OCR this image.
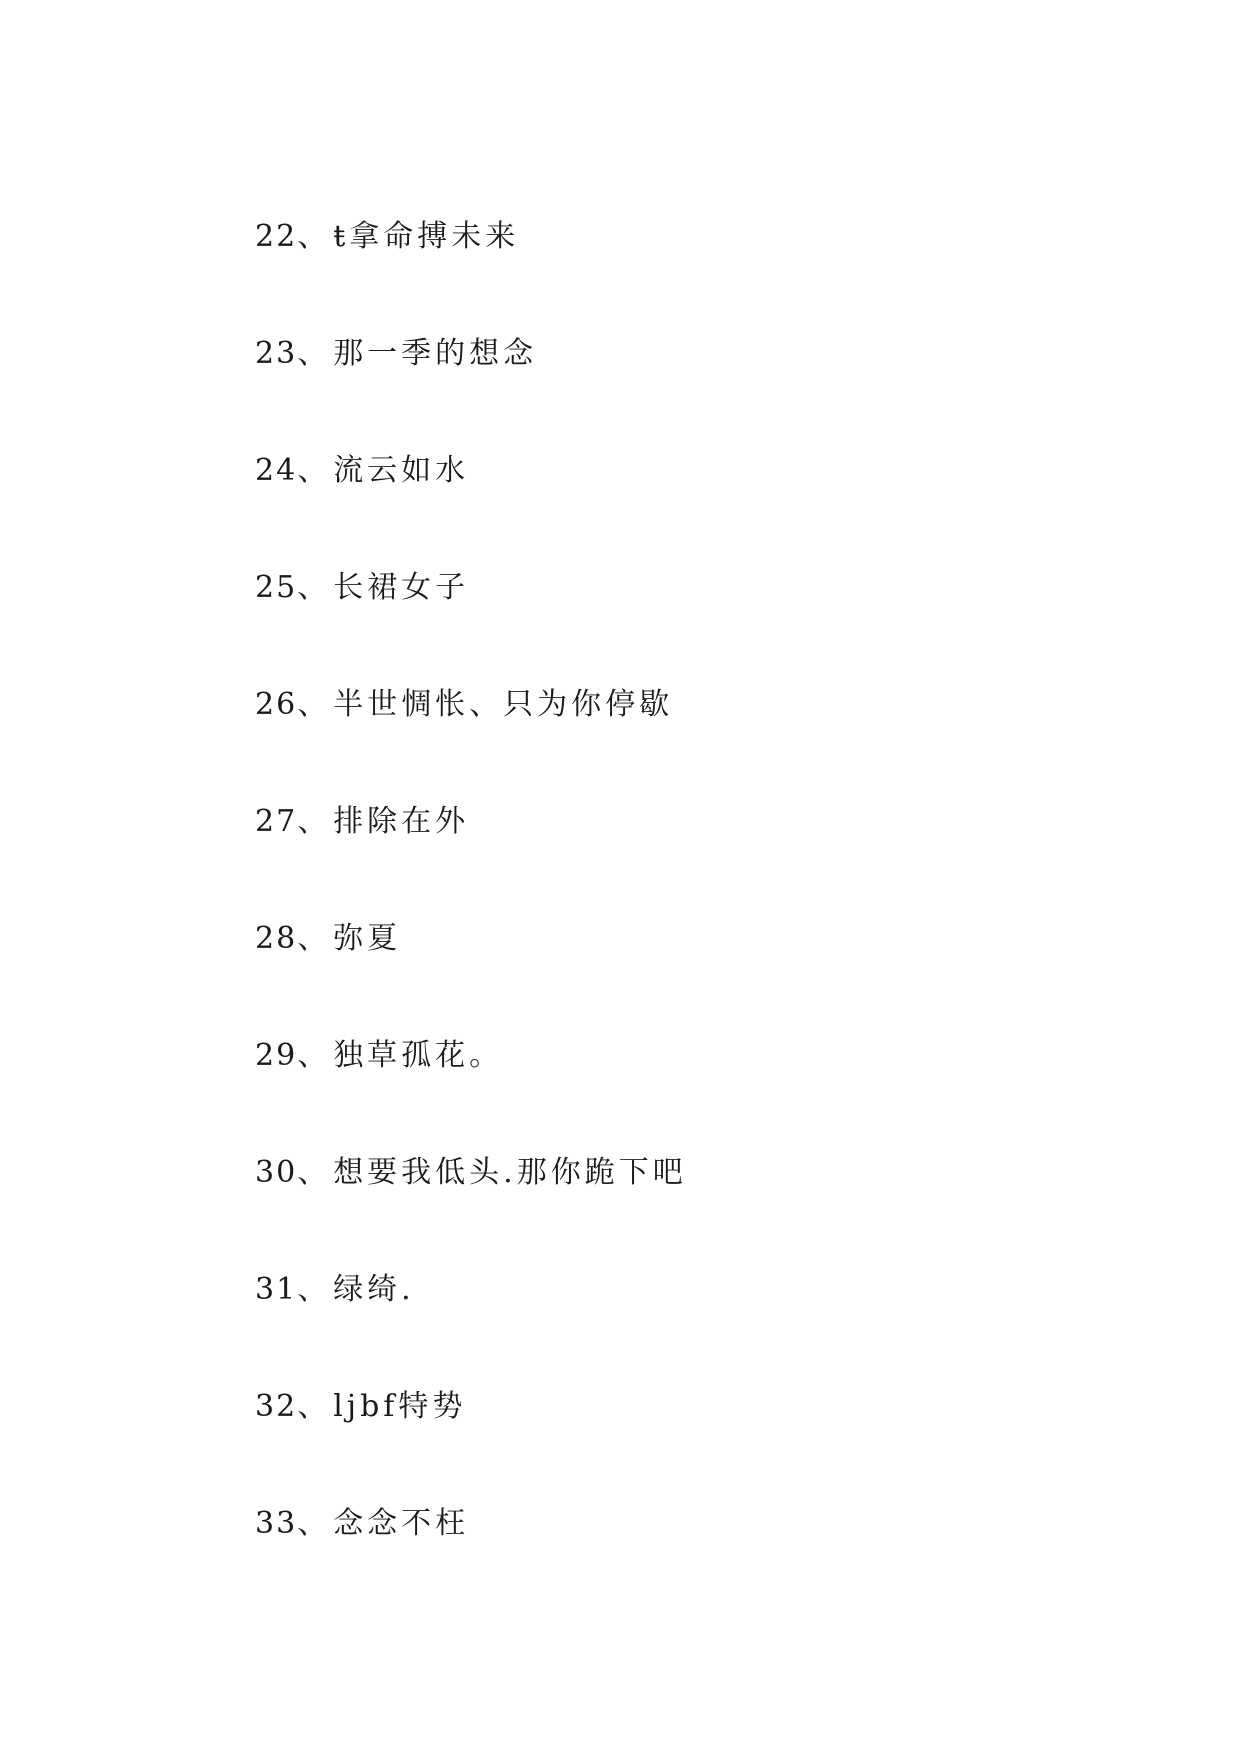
22、ŧ拿命搏未来
23、那一季的想念
24、流云如水
25、长裙女子
26、半世惆怅、只为你停歇
27、排除在外
28、弥夏
29、独草孤花。
30、想要我低头.那你跪下吧
31、绿绮.
32、ljbf特势
33、念念不枉
